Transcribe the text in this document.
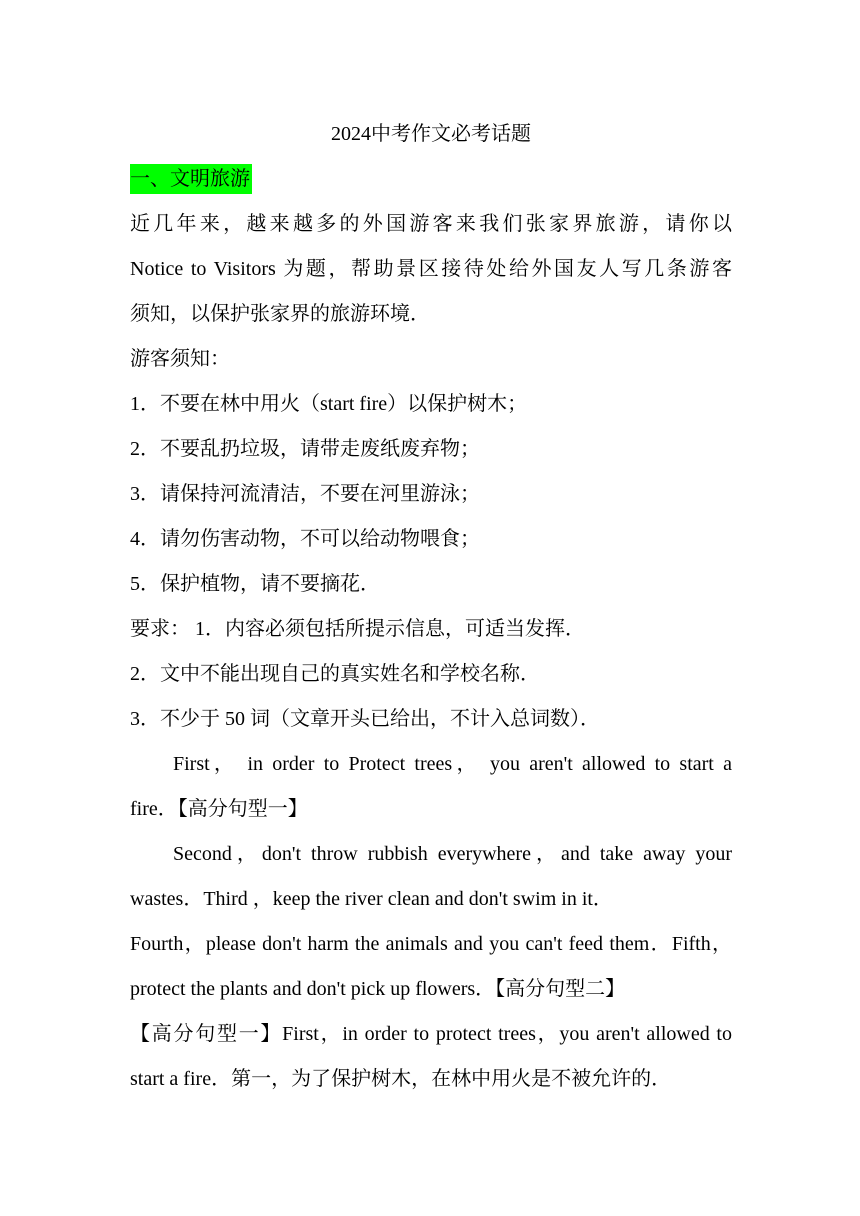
2024中考作文必考话题
一、文明旅游
近几年来，越来越多的外国游客来我们张家界旅游，请你以
Notice to Visitors 为题，帮助景区接待处给外国友人写几条游客
须知，以保护张家界的旅游环境．
游客须知：
1．不要在林中用火（start fire）以保护树木；
2．不要乱扔垃圾，请带走废纸废弃物；
3．请保持河流清洁，不要在河里游泳；
4．请勿伤害动物，不可以给动物喂食；
5．保护植物，请不要摘花．
要求： 1．内容必须包括所提示信息，可适当发挥．
2．文中不能出现自己的真实姓名和学校名称．
3．不少于 50 词（文章开头已给出，不计入总词数）．
First， in order to Protect trees， you aren't allowed to start a
fire．【高分句型一】
Second，don't throw rubbish everywhere，and take away your
wastes．Third ，keep the river clean and don't swim in it．
Fourth，please don't harm the animals and you can't feed them．Fifth，
protect the plants and don't pick up flowers．【高分句型二】
【高分句型一】First，in order to protect trees，you aren't allowed to
start a fire．第一，为了保护树木，在林中用火是不被允许的．
